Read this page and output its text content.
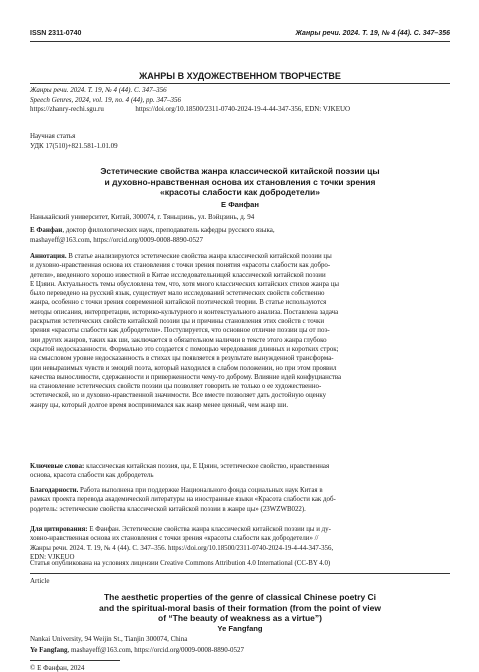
ISSN 2311-0740	Жанры речи. 2024. Т. 19, № 4 (44). С. 347–356
ЖАНРЫ В ХУДОЖЕСТВЕННОМ ТВОРЧЕСТВЕ
Жанры речи. 2024. Т. 19, № 4 (44). С. 347–356
Speech Genres, 2024, vol. 19, no. 4 (44), pp. 347–356
https://zhanry-rechi.sgu.ru	https://doi.org/10.18500/2311-0740-2024-19-4-44-347-356, EDN: VJKEUO
Научная статья
УДК 17(510)+821.581-1.01.09
Эстетические свойства жанра классической китайской поэзии цы
и духовно-нравственная основа их становления с точки зрения
«красоты слабости как добродетели»
Е Фанфан
Нанькайский университет, Китай, 300074, г. Тяньцзинь, ул. Вэйцзинь, д. 94
Е Фанфан, доктор филологических наук, преподаватель кафедры русского языка,
mashayeff@163.com, https://orcid.org/0009-0008-8890-0527
Аннотация. В статье анализируются эстетические свойства жанра классической китайской поэзии цы
и духовно-нравственная основа их становления с точки зрения понятия «красоты слабости как добро-
детели», введенного хорошо известной в Китае исследовательницей классической китайской поэзии
Е Цзяин. Актуальность темы обусловлена тем, что, хотя много классических китайских стихов жанра цы
было переведено на русский язык, существует мало исследований эстетических свойств собственно
жанра, особенно с точки зрения современной китайской поэтической теории. В статье используются
методы описания, интерпретации, историко-культурного и контекстуального анализа. Поставлена задача
раскрытия эстетических свойств китайской поэзии цы и причины становления этих свойств с точки
зрения «красоты слабости как добродетели». Постулируется, что основное отличие поэзии цы от поэ-
зии других жанров, таких как ши, заключается в обязательном наличии в тексте этого жанра глубоко
скрытой недосказанности. Формально это создается с помощью чередования длинных и коротких строк;
на смысловом уровне недосказанность в стихах цы появляется в результате вынужденной трансформа-
ции невыразимых чувств и эмоций поэта, который находился в слабом положении, но при этом проявил
качества выносливости, сдержанности и приверженности чему-то доброму. Влияние идей конфуцианства
на становление эстетических свойств поэзии цы позволяет говорить не только о ее художественно-
эстетической, но и духовно-нравственной значимости. Все вместе позволяет дать достойную оценку
жанру цы, который долгое время воспринимался как жанр менее ценный, чем жанр ши.
Ключевые слова: классическая китайская поэзия, цы, Е Цзяин, эстетическое свойство, нравственная
основа, красота слабости как добродетель
Благодарности. Работа выполнена при поддержке Национального фонда социальных наук Китая в
рамках проекта перевода академической литературы на иностранные языки «Красота слабости как доб-
родетель: эстетические свойства классической китайской поэзии в жанре цы» (23WZWB022).
Для цитирования: Е Фанфан. Эстетические свойства жанра классической китайской поэзии цы и ду-
ховно-нравственная основа их становления с точки зрения «красоты слабости как добродетели» //
Жанры речи. 2024. Т. 19, № 4 (44). С. 347–356. https://doi.org/10.18500/2311-0740-2024-19-4-44-347-356,
EDN: VJKEUO
Статья опубликована на условиях лицензии Creative Commons Attribution 4.0 International (CC-BY 4.0)
Article
The aesthetic properties of the genre of classical Chinese poetry Ci
and the spiritual-moral basis of their formation (from the point of view
of “The beauty of weakness as a virtue”)
Ye Fangfang
Nankai University, 94 Weijin St., Tianjin 300074, China
Ye Fangfang, mashayeff@163.com, https://orcid.org/0009-0008-8890-0527
© Е Фанфан, 2024
